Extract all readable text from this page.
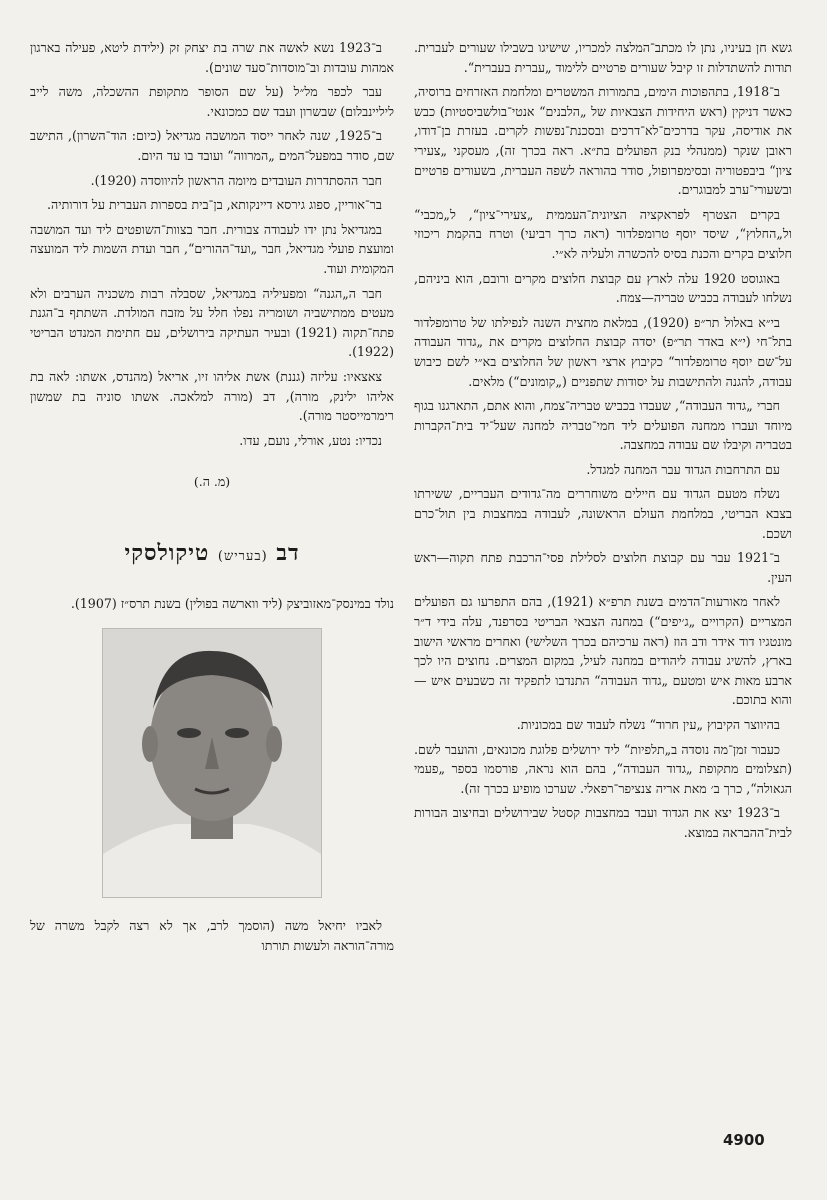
גשא חן בעיניו, נתן לו מכתב־המלצה למכריו, שישיגו בשבילו שעורים לעברית. תודות להשתדלות זו קיבל שעורים פרטיים ללימוד „עברית בעברית“.

ב־1918, בתהפוכות הימים, בתמורות המשטרים ומלחמת האזרחים ברוסיה, כאשר דניקין (ראש היחידות הצבאיות של „הלבנים“ אנטי־בולשביסטיות) כבש את אודיסה, עקר בדרכים־לא־דרכים ובסכנת־נפשות לקרים. בעזרת בן־דודו, ראובן שנקר (ממנהלי בנק הפועלים בת״א. ראה בכרך זה), מעסקני „צעירי ציון“ ביבפטוריה ובסימפרופול, סודר בהוראה לשפה העברית, בשעורים פרטיים ובשעורי־ערב למבוגרים.

בקרים הצטרף לפראקציה הציונית־העממית „צעירי־ציון“, ל„מכבי“ ול„החלוץ“, שיסד יוסף טרומפלדור (ראה כרך רביעי) וטרח בהקמת ריכוזי חלוצים בקרים והכנת בסיס להכשרה ולעליה לא״י.

באוגוסט 1920 עלה לארץ עם קבוצת חלוצים מקרים ורובם, הוא ביניהם, נשלחו לעבודה בכביש טבריה—צמח.

בי״א באלול תר״פ (1920), במלאת מחצית השנה לנפילתו של טרומפלדור בתל־חי (י״א באדר תר״פ) יסדה קבוצת החלוצים מקרים את „גדוד העבודה על־שם יוסף טרומפלדור“ כקיבוץ ארצי ראשון של החלוצים בא״י לשם כיבוש עבודה, להגנה ולהתישבות על יסודות שתפניים („קומונים“) מלאים.

חברי „גדוד העבודה“, שעבדו בכביש טבריה־צמח, והוא אתם, התארגנו בגוף מיוחד ועברו ממחנה הפועלים ליד חמי־טבריה למחנה שעל־יד בית־הקברות בטבריה וקיבלו שם עבודה במחצבה.

עם התרחבות הגדוד עבר המחנה למגדל.

נשלח מטעם הגדוד עם חיילים משוחררים מה־גדודים העבריים, ששירתו בצבא הבריטי, במלחמת העולם הראשונה, לעבודה במחצבות בין תול־כרם ושכם.

ב־1921 עבר עם קבוצת חלוצים לסלילת פסי־הרכבת פתח תקוה—ראש העין.

לאחר מאורעות־הדמים בשנת תרפ״א (1921), בהם התפרעו גם הפועלים המצריים (הקרויים „ג׳יפים“) במחנה הצבאי הבריטי בסרפנד, עלה בידי ד״ר מונטגיו דוד אידר ודב הוז (ראה ערכיהם בכרך השלישי) ואחרים מראשי הישוב בארץ, להשיג עבודה ליהודים במחנה לעיל, במקום המצרים. נחוצים היו לכך ארבע מאות איש ומטעם „גדוד העבודה“ התנדבו לתפקיד זה כשבעים איש — והוא בתוכם.

בהיווצר הקיבוץ „עין חרוד“ נשלח לעבוד שם במכוניות.

כעבור זמן־מה נוסדה ב„תלפיות“ ליד ירושלים פלוגת מכונאים, והועבר לשם. (תצלומים מתקופת „גדוד העבודה“, בהם הוא נראה, פורסמו בספר „פעמי הגאולה“, כרך ב׳ מאת אריה צנציפר־רפאלי. שערכו מופיע בכרך זה).

ב־1923 יצא את הגדוד ועבד במחצבות קסטל שבירושלים ובחיצוב הבורות לבית־ההבראה במוצא.

ב־1923 נשא לאשה את שרה בת יצחק זק (ילידת ליטא, פעילה בארגון אמהות עובדות וב־מוסדות־סעד שונים).

עבר לכפר מל״ל (על שם הסופר מתקופת ההשכלה, משה לייב ליליינבלום) שבשרון ועבד שם כמכונאי.

ב־1925, שנה לאחר ייסוד המושבה מגדיאל (כיום: הוד־השרון), התישב שם, סודר במפעל־המים „המרווה“ ועובד בו עד היום.

חבר ההסתדרות העובדים מיומה הראשון להיווסדה (1920).

בר־אוריין, ספוג גירסא דיינקותא, בן־בית בספרות העברית על דורותיה.

במגדיאל נתן ידו לעבודה צבורית. חבר בצוות־השופטים ליד ועד המושבה ומועצת פועלי מגדיאל, חבר „ועד־ההורים“, חבר ועדת השמות ליד המועצה המקומית ועוד.

חבר ה„הגנה“ ומפעיליה במגדיאל, שסבלה רבות משכניה הערבים ולא מעטים ממתישביה ושומריה נפלו חלל על מזבח המולדת. השתתף ב־הגנת פתח־תקוה (1921) ובעיר העתיקה בירושלים, עם חתימת המנדט הבריטי (1922).

צאצאיו: עליזה (גננת) אשת אליהו זיו, אריאל (מהנדס, אשתו: לאה בת אליהו ילינק, מורה), דב (מורה למלאכה. אשתו סוניה בת שמשון רימרמייסטר מורה).

נכדיו: נטע, אורלי, נועם, עדו.

(מ. ה.)

דב (בעריש) טיקולסקי

נולד במינסק־מאזוביצק (ליד ווארשה בפולין) בשנת תרס״ז (1907).

לאביו יחיאל משה (הוסמך לרב, אך לא רצה לקבל משרה של מורה־הוראה ולעשות תורתו

4900
